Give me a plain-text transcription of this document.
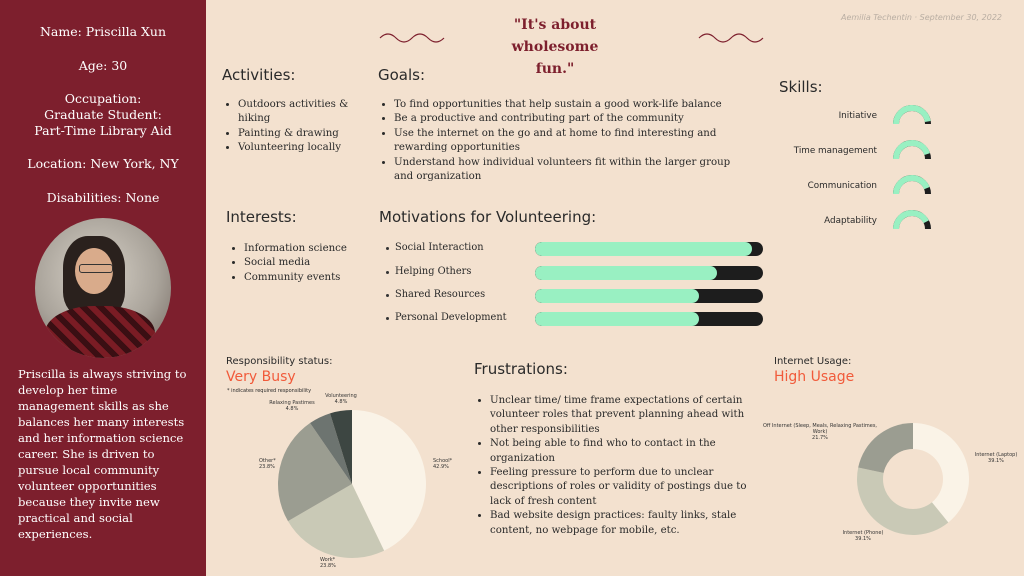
Name: Priscilla Xun
Age: 30
Occupation:
Graduate Student:
Part-Time Library Aid
Location: New York, NY
Disabilities: None
Priscilla is always striving to develop her time management skills as she balances her many interests and her information science career. She is driven to pursue local community volunteer opportunities because they invite new practical and social experiences.
"It's about wholesome
fun."
Aemilia Techentin · September 30, 2022
Activities:
• Outdoors activities &
hiking
• Painting & drawing
• Volunteering locally
Goals:
• To find opportunities that help sustain a good work-life balance
• Be a productive and contributing part of the community
• Use the internet on the go and at home to find interesting and rewarding opportunities
• Understand how individual volunteers fit within the larger group and organization
Skills:
Initiative
Time management
Communication
Adaptability
Interests:
• Information science
• Social media
• Community events
Motivations for Volunteering:
Social Interaction
Helping Others
Shared Resources
Personal Development
Responsibility status:
Very Busy
* indicates required responsibility
Relaxing Pastimes
4.8%
Volunteering
4.8%
School*
42.9%
Other*
23.8%
Work*
23.8%
Frustrations:
• Unclear time/ time frame expectations of certain volunteer roles that prevent planning ahead with other responsibilities
• Not being able to find who to contact in the organization
• Feeling pressure to perform due to unclear descriptions of roles or validity of postings due to lack of fresh content
• Bad website design practices: faulty links, stale content, no webpage for mobile, etc.
Internet Usage:
High Usage
Off Internet (Sleep, Meals, Relaxing Pastimes, Work)
21.7%
Internet (Laptop)
39.1%
Internet (Phone)
39.1%
